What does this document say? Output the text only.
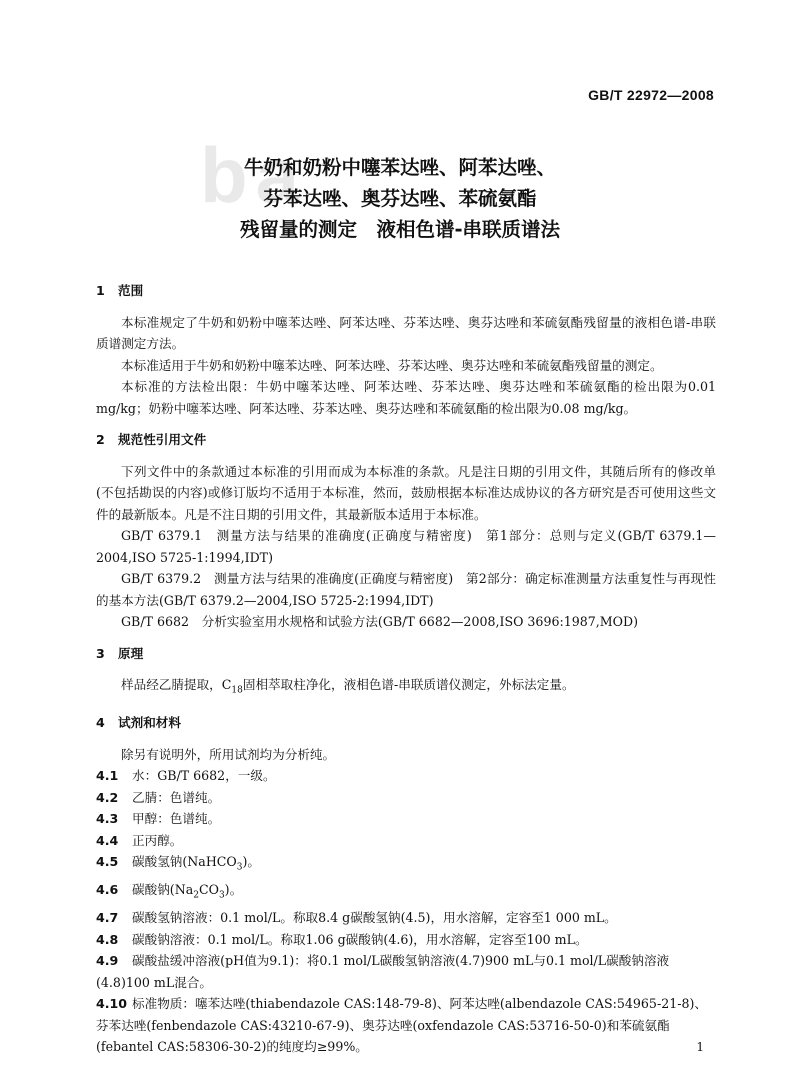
GB/T 22972—2008
ba
牛奶和奶粉中噻苯达唑、阿苯达唑、
芬苯达唑、奥芬达唑、苯硫氨酯
残留量的测定　液相色谱-串联质谱法
1 范围
本标准规定了牛奶和奶粉中噻苯达唑、阿苯达唑、芬苯达唑、奥芬达唑和苯硫氨酯残留量的液相色谱-串联质谱测定方法。
本标准适用于牛奶和奶粉中噻苯达唑、阿苯达唑、芬苯达唑、奥芬达唑和苯硫氨酯残留量的测定。
本标准的方法检出限：牛奶中噻苯达唑、阿苯达唑、芬苯达唑、奥芬达唑和苯硫氨酯的检出限为0.01 mg/kg；奶粉中噻苯达唑、阿苯达唑、芬苯达唑、奥芬达唑和苯硫氨酯的检出限为0.08 mg/kg。
2 规范性引用文件
下列文件中的条款通过本标准的引用而成为本标准的条款。凡是注日期的引用文件，其随后所有的修改单(不包括勘误的内容)或修订版均不适用于本标准，然而，鼓励根据本标准达成协议的各方研究是否可使用这些文件的最新版本。凡是不注日期的引用文件，其最新版本适用于本标准。
GB/T 6379.1　测量方法与结果的准确度(正确度与精密度)　第1部分：总则与定义(GB/T 6379.1—2004,ISO 5725-1:1994,IDT)
GB/T 6379.2　测量方法与结果的准确度(正确度与精密度)　第2部分：确定标准测量方法重复性与再现性的基本方法(GB/T 6379.2—2004,ISO 5725-2:1994,IDT)
GB/T 6682　分析实验室用水规格和试验方法(GB/T 6682—2008,ISO 3696:1987,MOD)
3 原理
样品经乙腈提取，$C_{18}$固相萃取柱净化，液相色谱-串联质谱仪测定，外标法定量。
4 试剂和材料
除另有说明外，所用试剂均为分析纯。
4.1 水：GB/T 6682，一级。
4.2 乙腈：色谱纯。
4.3 甲醇：色谱纯。
4.4 正丙醇。
4.5 碳酸氢钠(NaHCO$_3$)。
4.6 碳酸钠$(Na_2CO_3)$。
4.7 碳酸氢钠溶液：0.1 mol/L。称取8.4 g碳酸氢钠(4.5)，用水溶解，定容至1 000 mL。
4.8 碳酸钠溶液：0.1 mol/L。称取1.06 g碳酸钠(4.6)，用水溶解，定容至100 mL。
4.9 碳酸盐缓冲溶液(pH值为9.1)：将0.1 mol/L碳酸氢钠溶液(4.7)900 mL与0.1 mol/L碳酸钠溶液(4.8)100 mL混合。
4.10 标准物质：噻苯达唑(thiabendazole CAS:148-79-8)、阿苯达唑(albendazole CAS:54965-21-8)、芬苯达唑(fenbendazole CAS:43210-67-9)、奥芬达唑(oxfendazole CAS:53716-50-0)和苯硫氨酯(febantel CAS:58306-30-2)的纯度均≥99%。	1
